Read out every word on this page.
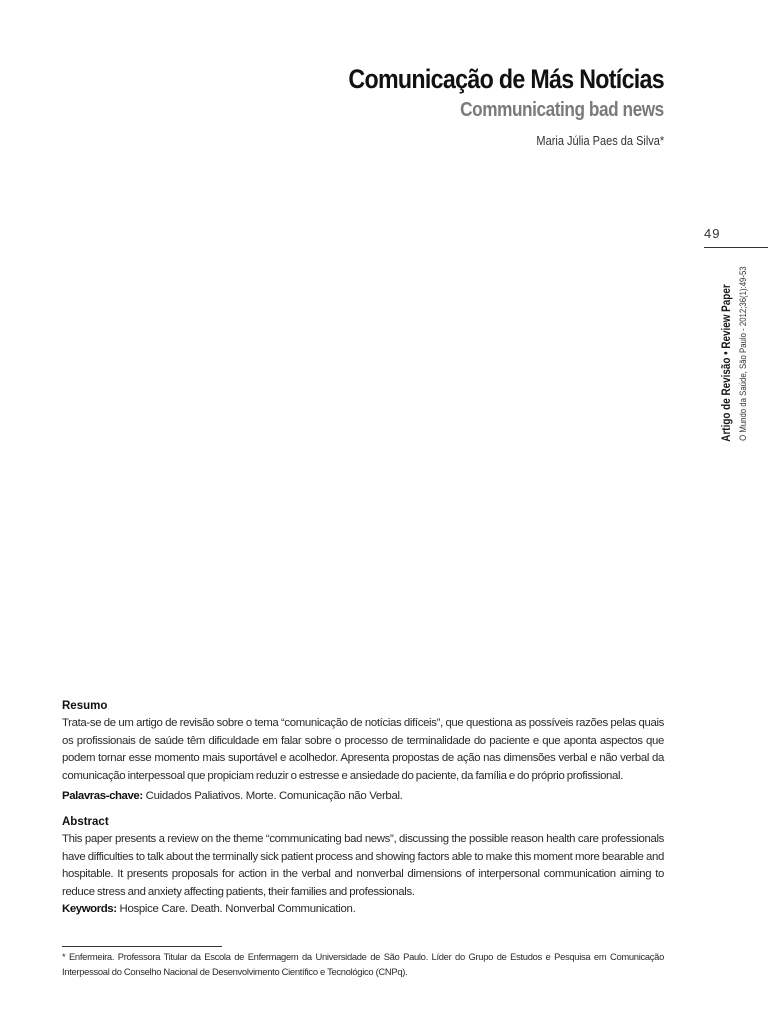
Comunicação de Más Notícias
Communicating bad news
Maria Júlia Paes da Silva*
49
Artigo de Revisão • Review Paper O Mundo da Saúde, São Paulo - 2012;36(1):49-53
Resumo

Trata-se de um artigo de revisão sobre o tema “comunicação de notícias difíceis”, que questiona as possíveis razões pelas quais os profissionais de saúde têm dificuldade em falar sobre o processo de terminalidade do paciente e que aponta aspectos que podem tornar esse momento mais suportável e acolhedor. Apresenta propostas de ação nas dimensões verbal e não verbal da comunicação interpessoal que propiciam reduzir o estresse e ansiedade do paciente, da família e do próprio profissional.

Palavras-chave: Cuidados Paliativos. Morte. Comunicação não Verbal.

Abstract

This paper presents a review on the theme “communicating bad news”, discussing the possible reason health care professionals have difficulties to talk about the terminally sick patient process and showing factors able to make this moment more bearable and hospitable. It presents proposals for action in the verbal and nonverbal dimensions of interpersonal communication aiming to reduce stress and anxiety affecting patients, their families and professionals.

Keywords: Hospice Care. Death. Nonverbal Communication.

* Enfermeira. Professora Titular da Escola de Enfermagem da Universidade de São Paulo. Líder do Grupo de Estudos e Pesquisa em Comunicação Interpessoal do Conselho Nacional de Desenvolvimento Científico e Tecnológico (CNPq).
